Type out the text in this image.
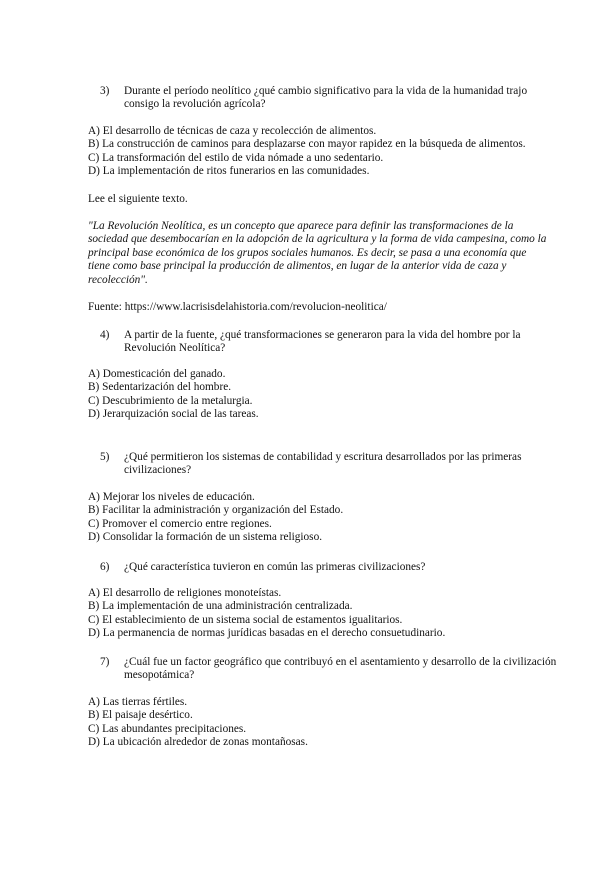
3)	Durante el período neolítico ¿qué cambio significativo para la vida de la humanidad trajo consigo la revolución agrícola?
A) El desarrollo de técnicas de caza y recolección de alimentos.
B) La construcción de caminos para desplazarse con mayor rapidez en la búsqueda de alimentos.
C) La transformación del estilo de vida nómade a uno sedentario.
D) La implementación de ritos funerarios en las comunidades.
Lee el siguiente texto.
"La Revolución Neolítica, es un concepto que aparece para definir las transformaciones de la sociedad que desembocarían en la adopción de la agricultura y la forma de vida campesina, como la principal base económica de los grupos sociales humanos. Es decir, se pasa a una economía que tiene como base principal la producción de alimentos, en lugar de la anterior vida de caza y recolección".
Fuente: https://www.lacrisisdelahistoria.com/revolucion-neolitica/
4)	A partir de la fuente, ¿qué transformaciones se generaron para la vida del hombre por la Revolución Neolítica?
A) Domesticación del ganado.
B) Sedentarización del hombre.
C) Descubrimiento de la metalurgia.
D) Jerarquización social de las tareas.
5)	¿Qué permitieron los sistemas de contabilidad y escritura desarrollados por las primeras civilizaciones?
A) Mejorar los niveles de educación.
B) Facilitar la administración y organización del Estado.
C) Promover el comercio entre regiones.
D) Consolidar la formación de un sistema religioso.
6)	¿Qué característica tuvieron en común las primeras civilizaciones?
A) El desarrollo de religiones monoteístas.
B) La implementación de una administración centralizada.
C) El establecimiento de un sistema social de estamentos igualitarios.
D) La permanencia de normas jurídicas basadas en el derecho consuetudinario.
7)	¿Cuál fue un factor geográfico que contribuyó en el asentamiento y desarrollo de la civilización mesopotámica?
A) Las tierras fértiles.
B) El paisaje desértico.
C) Las abundantes precipitaciones.
D) La ubicación alrededor de zonas montañosas.
